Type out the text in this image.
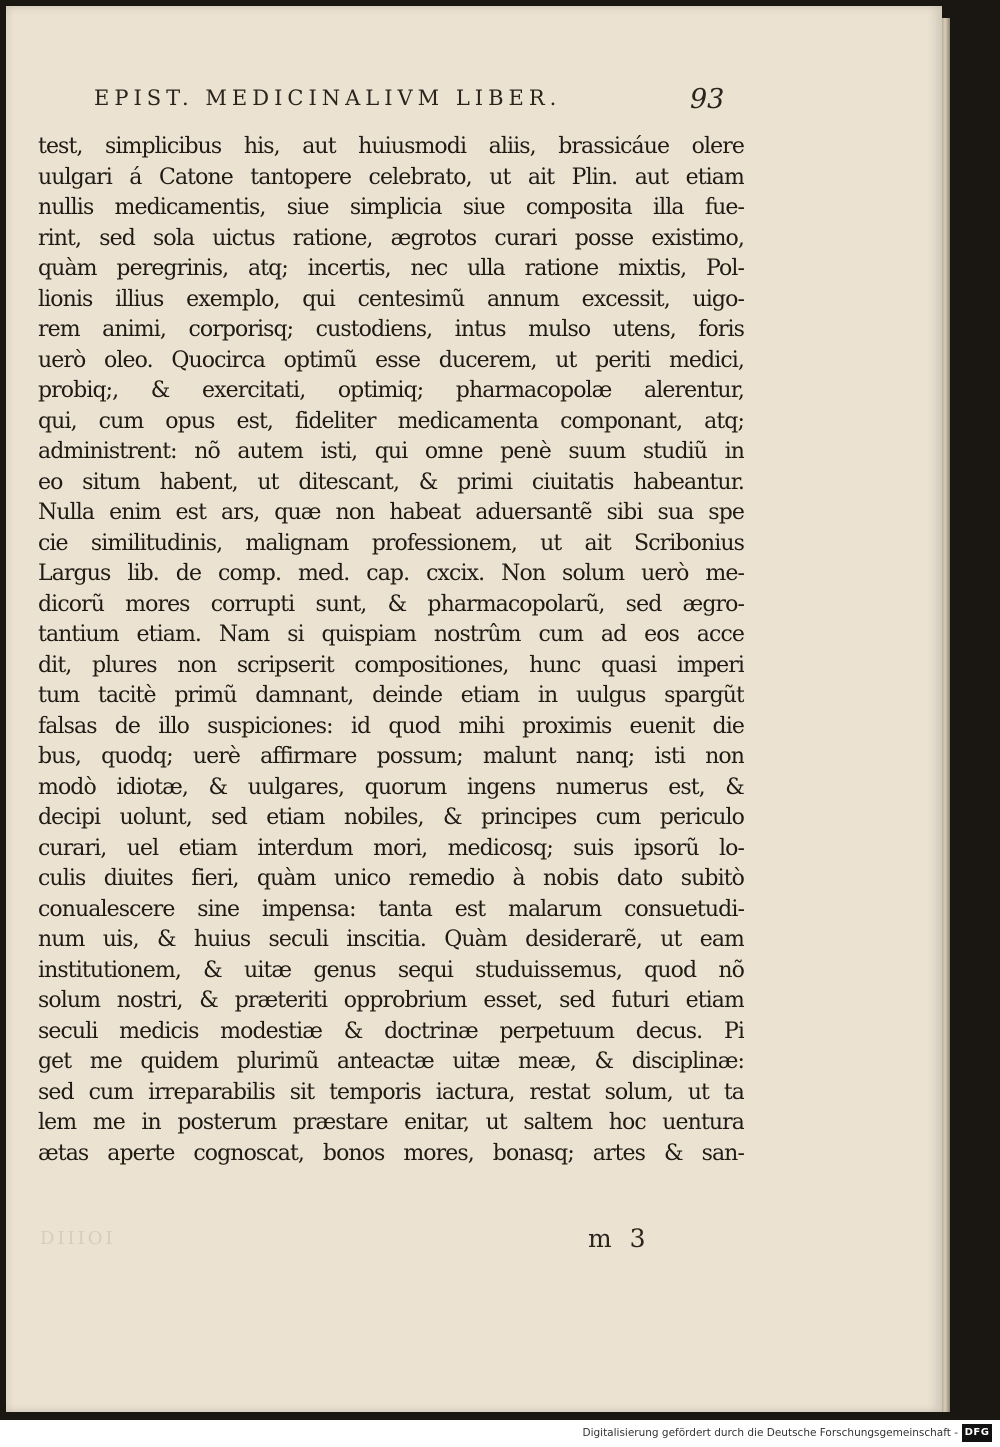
EPIST. MEDICINALIVM LIBER.	93
test, simplicibus his, aut huiusmodi aliis, brassicáue olere
uulgari á Catone tantopere celebrato, ut ait Plin. aut etiam
nullis medicamentis, siue simplicia siue composita illa fue-
rint, sed sola uictus ratione, ægrotos curari posse existimo,
quàm peregrinis, atq; incertis, nec ulla ratione mixtis, Pol-
lionis illius exemplo, qui centesimũ annum excessit, uigo-
rem animi, corporisq; custodiens, intus mulso utens, foris
uerò oleo. Quocirca optimũ esse ducerem, ut periti medici,
probiq;, & exercitati, optimiq; pharmacopolæ alerentur,
qui, cum opus est, fideliter medicamenta componant, atq;
administrent: nõ autem isti, qui omne penè suum studiũ in
eo situm habent, ut ditescant, & primi ciuitatis habeantur.
Nulla enim est ars, quæ non habeat aduersantẽ sibi sua spe
cie similitudinis, malignam professionem, ut ait Scribonius
Largus lib. de comp. med. cap. cxcix. Non solum uerò me-
dicorũ mores corrupti sunt, & pharmacopolarũ, sed ægro-
tantium etiam. Nam si quispiam nostrûm cum ad eos acce
dit, plures non scripserit compositiones, hunc quasi imperi
tum tacitè primũ damnant, deinde etiam in uulgus spargũt
falsas de illo suspiciones: id quod mihi proximis euenit die
bus, quodq; uerè affirmare possum; malunt nanq; isti non
modò idiotæ, & uulgares, quorum ingens numerus est, &
decipi uolunt, sed etiam nobiles, & principes cum periculo
curari, uel etiam interdum mori, medicosq; suis ipsorũ lo-
culis diuites fieri, quàm unico remedio à nobis dato subitò
conualescere sine impensa: tanta est malarum consuetudi-
num uis, & huius seculi inscitia. Quàm desiderarẽ, ut eam
institutionem, & uitæ genus sequi studuissemus, quod nõ
solum nostri, & præteriti opprobrium esset, sed futuri etiam
seculi medicis modestiæ & doctrinæ perpetuum decus. Pi
get me quidem plurimũ anteactæ uitæ meæ, & disciplinæ:
sed cum irreparabilis sit temporis iactura, restat solum, ut ta
lem me in posterum præstare enitar, ut saltem hoc uentura
ætas aperte cognoscat, bonos mores, bonasq; artes & san-
DIIIOI	m 3
Digitalisierung gefördert durch die Deutsche Forschungsgemeinschaft - DFG
